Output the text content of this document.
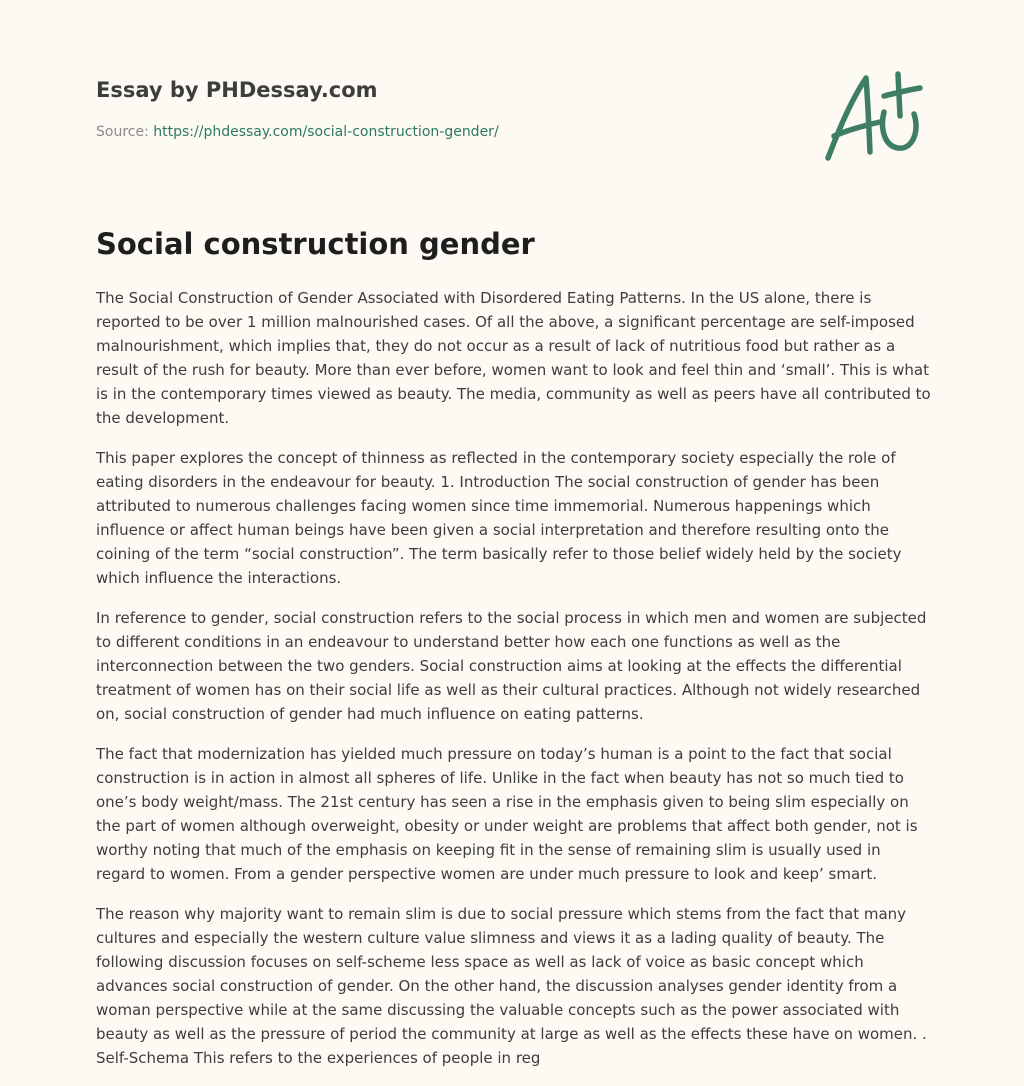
Essay by PHDessay.com
Source: https://phdessay.com/social-construction-gender/
Social construction gender

The Social Construction of Gender Associated with Disordered Eating Patterns. In the US alone, there is reported to be over 1 million malnourished cases. Of all the above, a significant percentage are self-imposed malnourishment, which implies that, they do not occur as a result of lack of nutritious food but rather as a result of the rush for beauty. More than ever before, women want to look and feel thin and ‘small’. This is what is in the contemporary times viewed as beauty. The media, community as well as peers have all contributed to the development.

This paper explores the concept of thinness as reflected in the contemporary society especially the role of eating disorders in the endeavour for beauty. 1. Introduction The social construction of gender has been attributed to numerous challenges facing women since time immemorial. Numerous happenings which influence or affect human beings have been given a social interpretation and therefore resulting onto the coining of the term “social construction”. The term basically refer to those belief widely held by the society which influence the interactions.

In reference to gender, social construction refers to the social process in which men and women are subjected to different conditions in an endeavour to understand better how each one functions as well as the interconnection between the two genders. Social construction aims at looking at the effects the differential treatment of women has on their social life as well as their cultural practices. Although not widely researched on, social construction of gender had much influence on eating patterns.

The fact that modernization has yielded much pressure on today’s human is a point to the fact that social construction is in action in almost all spheres of life. Unlike in the fact when beauty has not so much tied to one’s body weight/mass. The 21st century has seen a rise in the emphasis given to being slim especially on the part of women although overweight, obesity or under weight are problems that affect both gender, not is worthy noting that much of the emphasis on keeping fit in the sense of remaining slim is usually used in regard to women. From a gender perspective women are under much pressure to look and keep’ smart.

The reason why majority want to remain slim is due to social pressure which stems from the fact that many cultures and especially the western culture value slimness and views it as a lading quality of beauty. The following discussion focuses on self-scheme less space as well as lack of voice as basic concept which advances social construction of gender. On the other hand, the discussion analyses gender identity from a woman perspective while at the same discussing the valuable concepts such as the power associated with beauty as well as the pressure of period the community at large as well as the effects these have on women. . Self-Schema This refers to the experiences of people in reg
